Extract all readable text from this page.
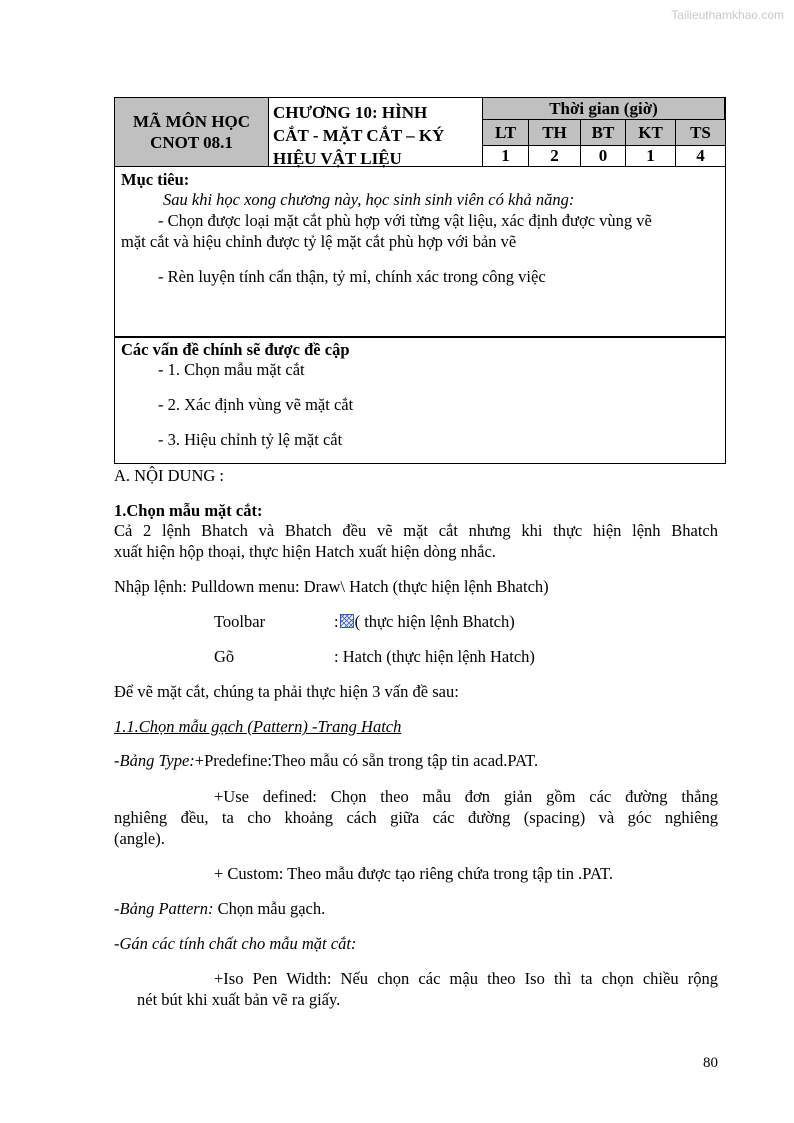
Tailieuthamkhao.com
MÃ MÔN HỌC
CNOT 08.1
CHƯƠNG 10: HÌNH
CẮT - MẶT CẮT – KÝ
HIỆU VẬT LIỆU
Thời gian (giờ)
LT	TH	BT	KT	TS
1	2	0	1	4
Mục tiêu:
Sau khi học xong chương này, học sinh sinh viên có khả năng:
- Chọn được loại mặt cắt phù hợp với từng vật liệu, xác định được vùng vẽ
mặt cắt và hiệu chỉnh được tỷ lệ mặt cắt phù hợp với bản vẽ
- Rèn luyện tính cẩn thận, tỷ mỉ, chính xác trong công việc
Các vấn đề chính sẽ được đề cập
- 1. Chọn mẫu mặt cắt
- 2. Xác định vùng vẽ mặt cắt
- 3. Hiệu chỉnh tỷ lệ mặt cắt
A. NỘI DUNG :
1.Chọn mẫu mặt cắt:
Cả 2 lệnh Bhatch và Bhatch đều vẽ mặt cắt nhưng khi thực hiện lệnh Bhatch
xuất hiện hộp thoại, thực hiện Hatch xuất hiện dòng nhắc.
Nhập lệnh: Pulldown menu: Draw\ Hatch (thực hiện lệnh Bhatch)
Toolbar	: ( thực hiện lệnh Bhatch)
Gõ	: Hatch (thực hiện lệnh Hatch)
Để vẽ mặt cắt, chúng ta phải thực hiện 3 vấn đề sau:
1.1.Chọn mẫu gạch (Pattern) -Trang Hatch
-Bảng Type:+Predefine:Theo mẫu có sẵn trong tập tin acad.PAT.
+Use defined: Chọn theo mẫu đơn giản gồm các đường thẳng
nghiêng đều, ta cho khoảng cách giữa các đường (spacing) và góc nghiêng
(angle).
+ Custom: Theo mẫu được tạo riêng chứa trong tập tin .PAT.
-Bảng Pattern: Chọn mẫu gạch.
-Gán các tính chất cho mẫu mặt cắt:
+Iso Pen Width: Nếu chọn các mậu theo Iso thì ta chọn chiều rộng
nét bút khi xuất bản vẽ ra giấy.
80
